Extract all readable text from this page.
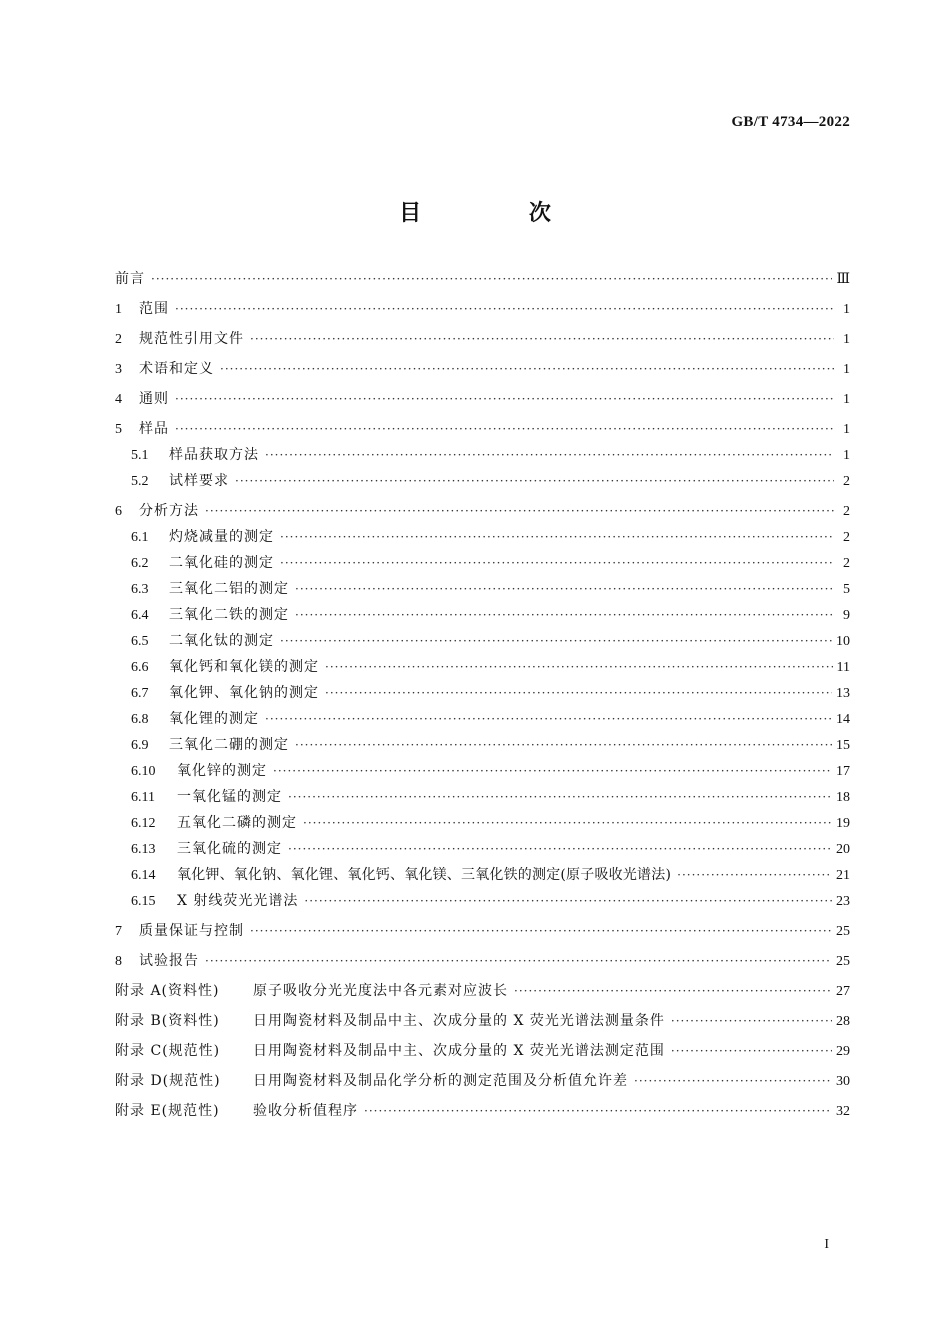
GB/T 4734—2022
目 次
前言 ·····	Ⅲ
1	范围 ·····	1
2	规范性引用文件 ·····	1
3	术语和定义 ·····	1
4	通则 ·····	1
5	样品 ·····	1
5.1	样品获取方法 ·····	1
5.2	试样要求 ·····	2
6	分析方法 ·····	2
6.1	灼烧减量的测定 ·····	2
6.2	二氧化硅的测定 ·····	2
6.3	三氧化二铝的测定 ·····	5
6.4	三氧化二铁的测定 ·····	9
6.5	二氧化钛的测定 ·····	10
6.6	氧化钙和氧化镁的测定 ·····	11
6.7	氧化钾、氧化钠的测定 ·····	13
6.8	氧化锂的测定 ·····	14
6.9	三氧化二硼的测定 ·····	15
6.10	氧化锌的测定 ·····	17
6.11	一氧化锰的测定 ·····	18
6.12	五氧化二磷的测定 ·····	19
6.13	三氧化硫的测定 ·····	20
6.14	氧化钾、氧化钠、氧化锂、氧化钙、氧化镁、三氧化铁的测定(原子吸收光谱法) ·····	21
6.15	X 射线荧光光谱法 ·····	23
7	质量保证与控制 ·····	25
8	试验报告 ·····	25
附录 A(资料性)	原子吸收分光光度法中各元素对应波长 ·····	27
附录 B(资料性)	日用陶瓷材料及制品中主、次成分量的 X 荧光光谱法测量条件 ·····	28
附录 C(规范性)	日用陶瓷材料及制品中主、次成分量的 X 荧光光谱法测定范围 ·····	29
附录 D(规范性)	日用陶瓷材料及制品化学分析的测定范围及分析值允许差 ·····	30
附录 E(规范性)	验收分析值程序 ·····	32
I
